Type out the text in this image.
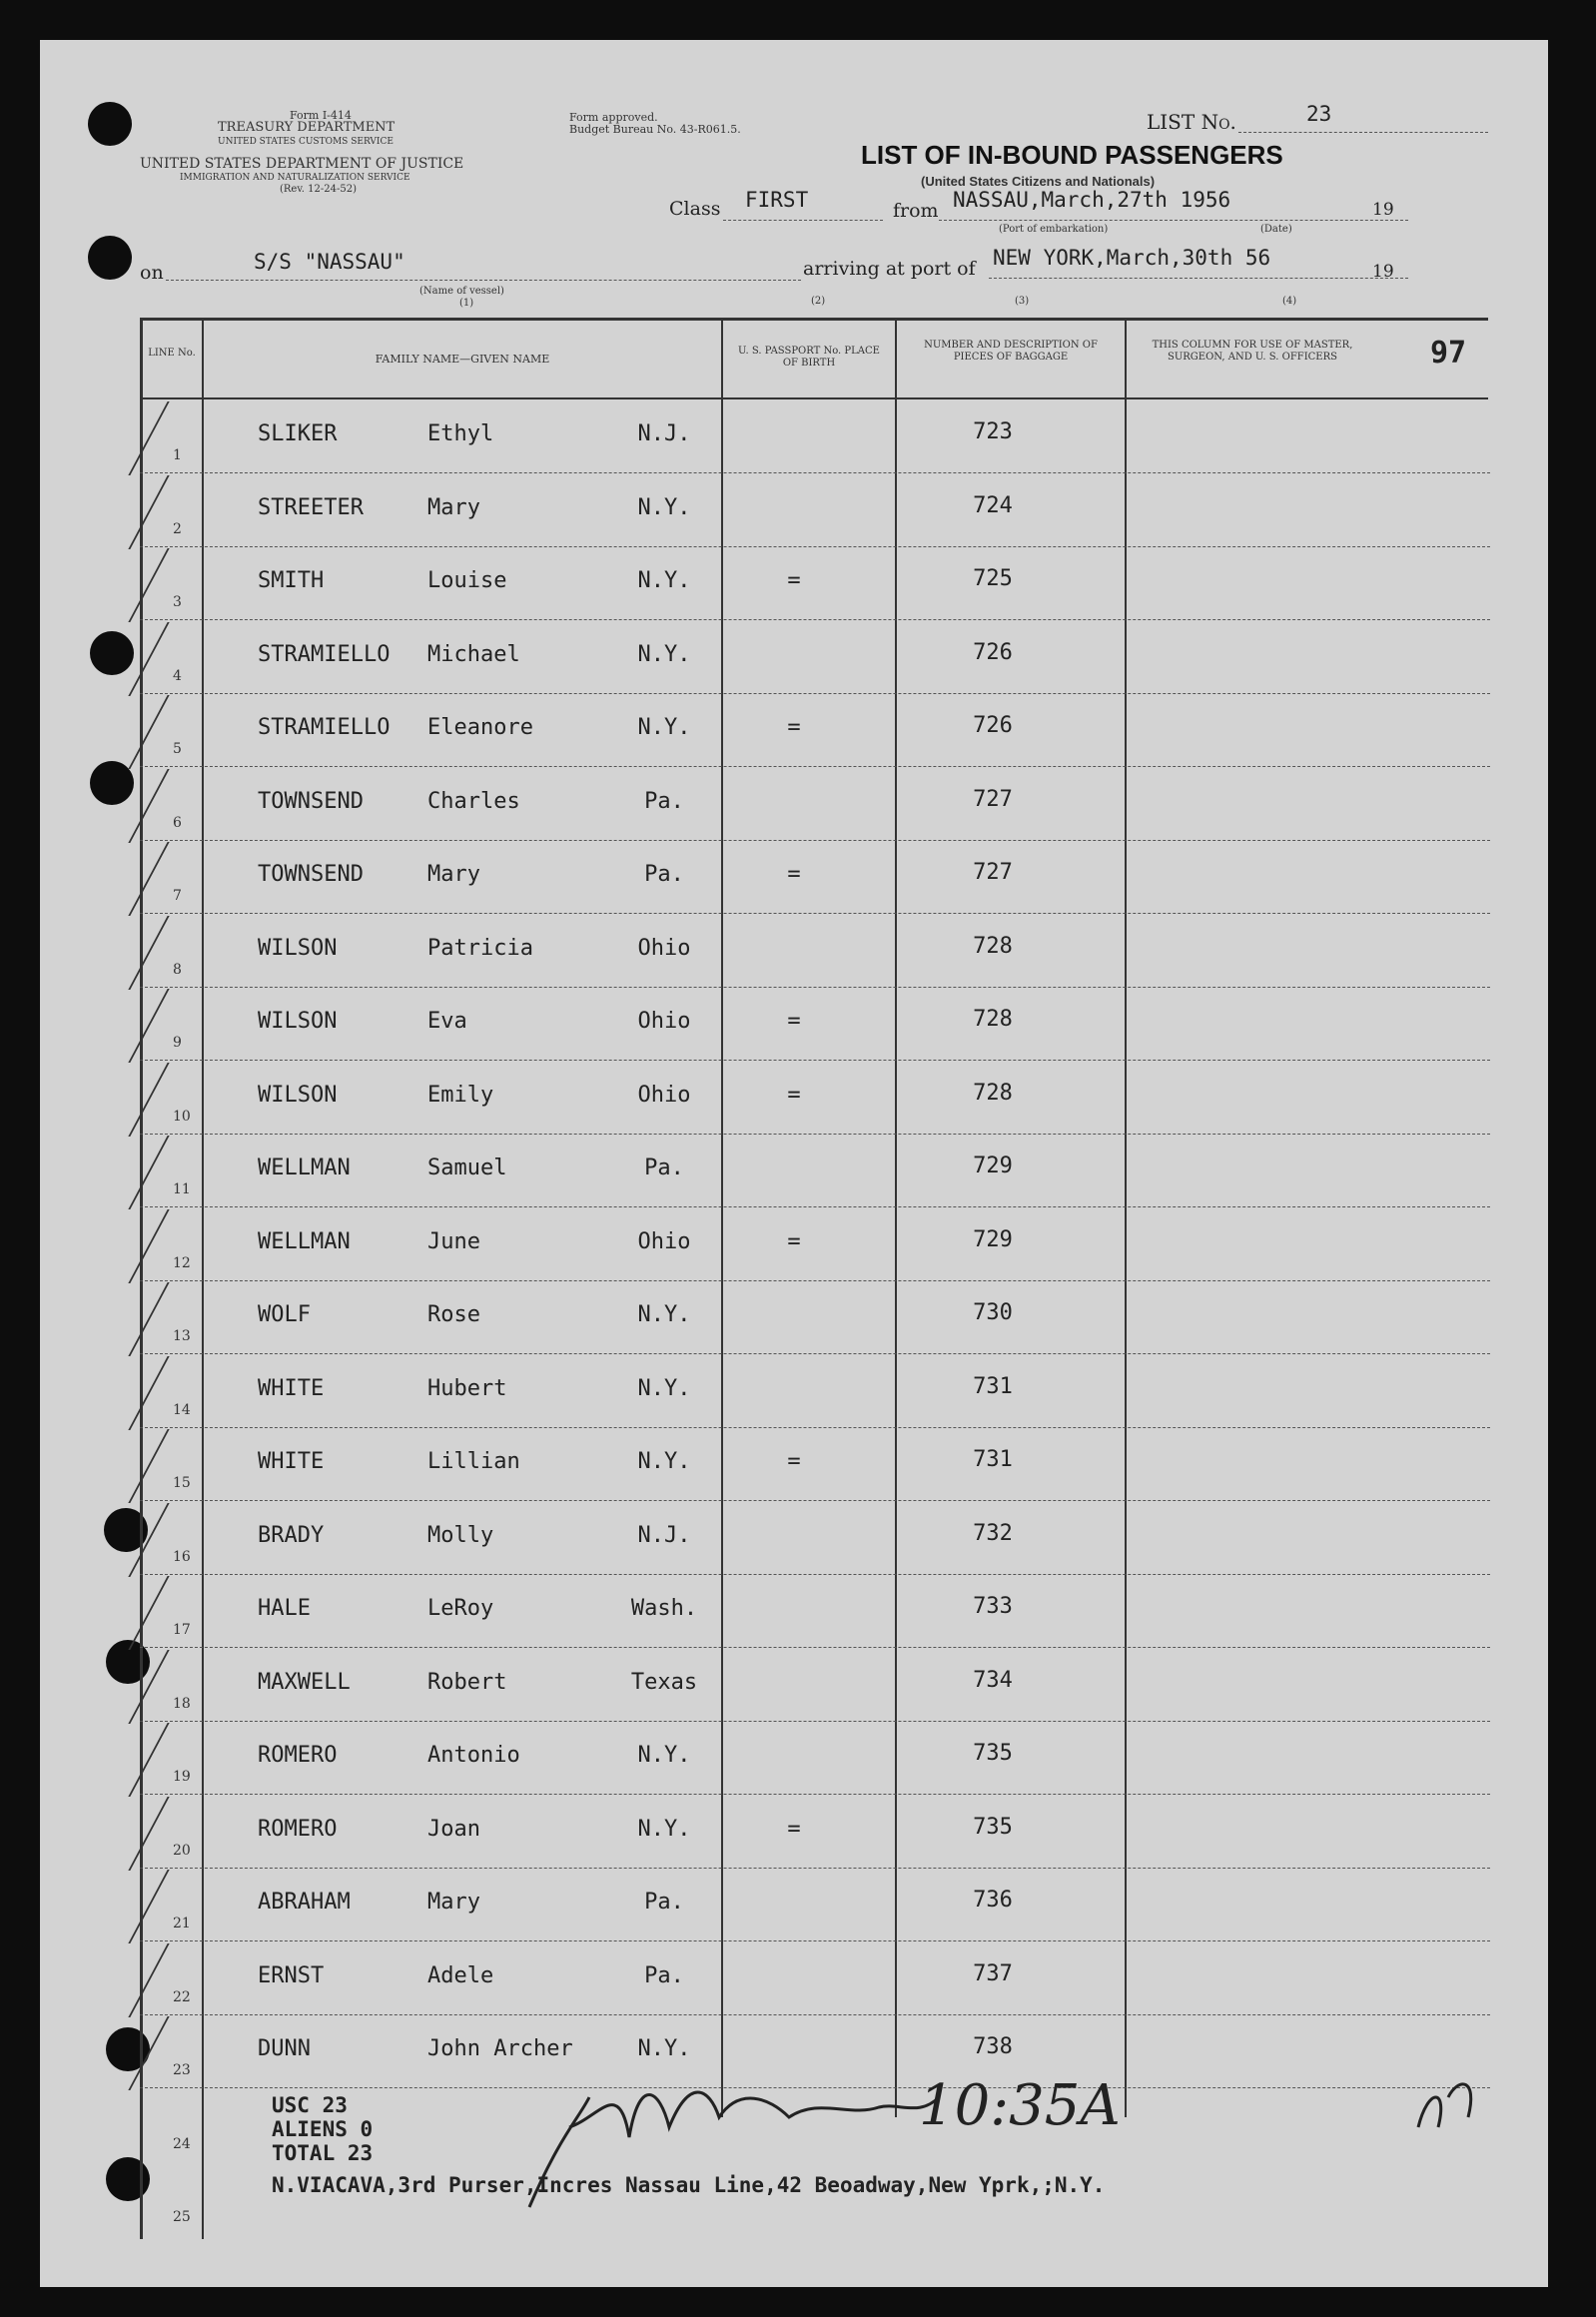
Form I-414
TREASURY DEPARTMENT
UNITED STATES CUSTOMS SERVICE
UNITED STATES DEPARTMENT OF JUSTICE
IMMIGRATION AND NATURALIZATION SERVICE
(Rev. 12-24-52)
Form approved.
Budget Bureau No. 43-R061.5.	LIST No.	23
LIST OF IN-BOUND PASSENGERS
(United States Citizens and Nationals)
Class FIRST	from NASSAU,March,27th 1956	19
(Port of embarkation)	(Date)
on	S/S "NASSAU"
(Name of vessel)
(1)
arriving at port of NEW YORK,March,30th 56
19
(2)	(3)	(4)
97
LINE No.	FAMILY NAME—GIVEN NAME
U. S. PASSPORT No. PLACE OF BIRTH
NUMBER AND DESCRIPTION OF PIECES OF BAGGAGE
THIS COLUMN FOR USE OF MASTER, SURGEON, AND U. S. OFFICERS
1
SLIKER	Ethyl	N.J.	723
2
STREETER	Mary	N.Y.	724
3
SMITH	Louise	N.Y.	=	725
4
STRAMIELLO Michael	N.Y.	726
5
STRAMIELLO Eleanore	N.Y.	=	726
6
TOWNSEND	Charles	Pa.	727
7
TOWNSEND	Mary	Pa.	=	727
8
WILSON	Patricia	Ohio	728
9
WILSON	Eva	Ohio	=	728
10
WILSON	Emily	Ohio	=	728
11
WELLMAN	Samuel	Pa.	729
12
WELLMAN	June	Ohio	=	729
13
WOLF	Rose	N.Y.	730
14
WHITE	Hubert	N.Y.	731
15
WHITE	Lillian	N.Y.	=	731
16
BRADY	Molly	N.J.	732
17
HALE	LeRoy	Wash.	733
18
MAXWELL	Robert	Texas	734
19
ROMERO	Antonio	N.Y.	735
20
ROMERO	Joan	N.Y.	=	735
21
ABRAHAM	Mary	Pa.	736
22
ERNST	Adele	Pa.	737
23
DUNN	John Archer	N.Y.	738
24
25
USC 23
ALIENS 0
TOTAL 23
N.VIACAVA,3rd Purser,Incres Nassau Line,42 Beoadway,New Yprk,;N.Y.
10:35A
